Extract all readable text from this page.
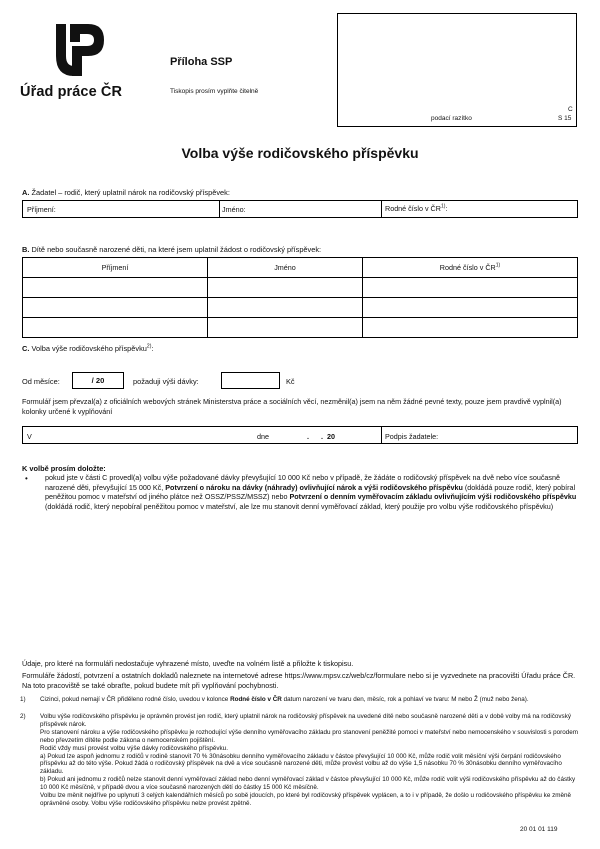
Úřad práce ČR
Příloha SSP
Tiskopis prosím vyplňte čitelně
podací razítko
C
S 15
Volba výše rodičovského příspěvku
A. Žadatel – rodič, který uplatnil nárok na rodičovský příspěvek:
Příjmení:	Jméno:	Rodné číslo v ČR$^{1)}$:
B. Dítě nebo současně narozené děti, na které jsem uplatnil žádost o rodičovský příspěvek:
Příjmení	Jméno	Rodné číslo v ČR$^{1)}$

C. Volba výše rodičovského příspěvku$^{2)}$:
Od měsíce:	/ 20	požaduji výši dávky:	Kč
Formulář jsem převzal(a) z oficiálních webových stránek Ministerstva práce a sociálních věcí, nezměnil(a) jsem na něm žádné pevné texty, pouze jsem pravdivě vyplnil(a) kolonky určené k vyplňování
V	dne	.      .  20	Podpis žadatele:
K volbě prosím doložte:
• pokud jste v části C provedl(a) volbu výše požadované dávky převyšující 10 000 Kč nebo v případě, že žádáte o rodičovský příspěvek na dvě nebo více současně narozené děti, převyšující 15 000 Kč, Potvrzení o nároku na dávky (náhrady) ovlivňující nárok a výši rodičovského příspěvku (dokládá pouze rodič, který pobíral peněžitou pomoc v mateřství od jiného plátce než OSSZ/PSSZ/MSSZ) nebo Potvrzení o denním vyměřovacím základu ovlivňujícím výši rodičovského příspěvku (dokládá rodič, který nepobíral peněžitou pomoc v mateřství, ale lze mu stanovit denní vyměřovací základ, který použije pro volbu výše rodičovského příspěvku)
Údaje, pro které na formuláři nedostačuje vyhrazené místo, uveďte na volném listě a přiložte k tiskopisu.
Formuláře žádostí, potvrzení a ostatních dokladů naleznete na internetové adrese https://www.mpsv.cz/web/cz/formulare nebo si je vyzvednete na pracovišti Úřadu práce ČR. Na toto pracoviště se také obraťte, pokud budete mít při vyplňování pochybnosti.
1) Cizinci, pokud nemají v ČR přiděleno rodné číslo, uvedou v kolonce Rodné číslo v ČR datum narození ve tvaru den, měsíc, rok a pohlaví ve tvaru: M nebo Ž (muž nebo žena).
2) Volbu výše rodičovského příspěvku je oprávněn provést jen rodič, který uplatnil nárok na rodičovský příspěvek na uvedené dítě nebo současně narozené děti a v době volby má na rodičovský příspěvek nárok.
Pro stanovení nároku a výše rodičovského příspěvku je rozhodující výše denního vyměřovacího základu pro stanovení peněžité pomoci v mateřství nebo nemocenského v souvislosti s porodem nebo převzetím dítěte podle zákona o nemocenském pojištění.
Rodič vždy musí provést volbu výše dávky rodičovského příspěvku.
a) Pokud lze aspoň jednomu z rodičů v rodině stanovit 70 % 30násobku denního vyměřovacího základu v částce převyšující 10 000 Kč, může rodič volit měsíční výši čerpání rodičovského příspěvku až do této výše. Pokud žádá o rodičovský příspěvek na dvě a více současně narozené děti, může provést volbu až do výše 1,5 násobku 70 % 30násobku denního vyměřovacího základu.
b) Pokud ani jednomu z rodičů nelze stanovit denní vyměřovací základ nebo denní vyměřovací základ v částce převyšující 10 000 Kč, může rodič volit výši rodičovského příspěvku až do částky 10 000 Kč měsíčně, v případě dvou a více současně narozených dětí do částky 15 000 Kč měsíčně.
Volbu lze měnit nejdříve po uplynutí 3 celých kalendářních měsíců po sobě jdoucích, po které byl rodičovský příspěvek vyplácen, a to i v případě, že došlo u rodičovského příspěvku ke změně oprávněné osoby. Volbu výše rodičovského příspěvku nelze provést zpětně.
20 01 01 119
